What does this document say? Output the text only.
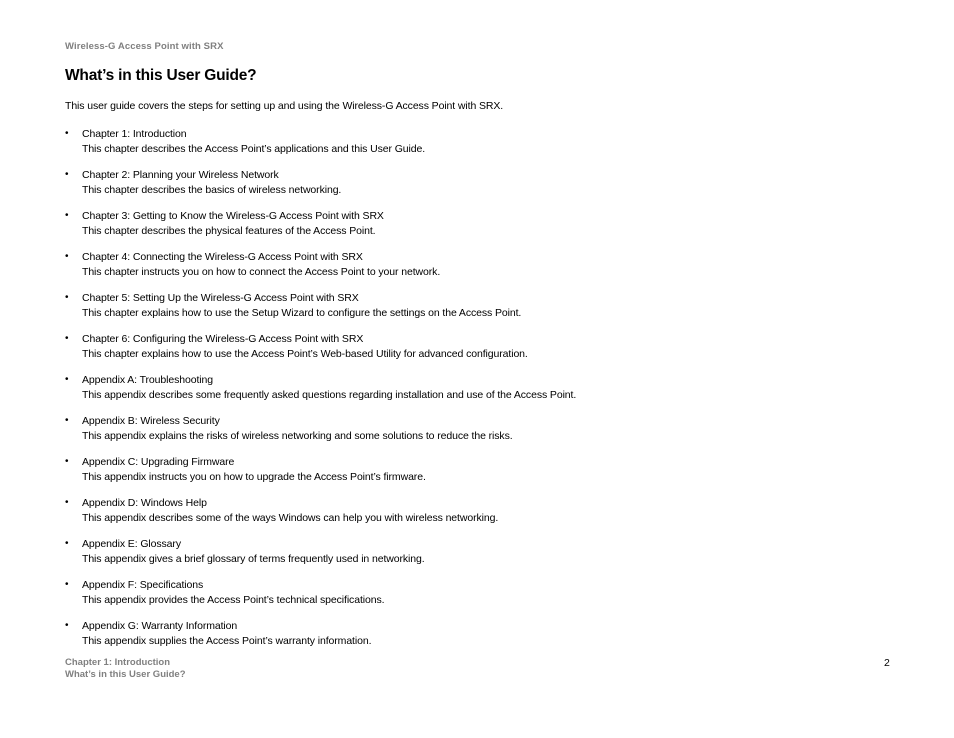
Wireless-G Access Point with SRX
What’s in this User Guide?
This user guide covers the steps for setting up and using the Wireless-G Access Point with SRX.
• Chapter 1: Introduction
This chapter describes the Access Point’s applications and this User Guide.
• Chapter 2: Planning your Wireless Network
This chapter describes the basics of wireless networking.
• Chapter 3: Getting to Know the Wireless-G Access Point with SRX
This chapter describes the physical features of the Access Point.
• Chapter 4: Connecting the Wireless-G Access Point with SRX
This chapter instructs you on how to connect the Access Point to your network.
• Chapter 5: Setting Up the Wireless-G Access Point with SRX
This chapter explains how to use the Setup Wizard to configure the settings on the Access Point.
• Chapter 6: Configuring the Wireless-G Access Point with SRX
This chapter explains how to use the Access Point’s Web-based Utility for advanced configuration.
• Appendix A: Troubleshooting
This appendix describes some frequently asked questions regarding installation and use of the Access Point.
• Appendix B: Wireless Security
This appendix explains the risks of wireless networking and some solutions to reduce the risks.
• Appendix C: Upgrading Firmware
This appendix instructs you on how to upgrade the Access Point’s firmware.
• Appendix D: Windows Help
This appendix describes some of the ways Windows can help you with wireless networking.
• Appendix E: Glossary
This appendix gives a brief glossary of terms frequently used in networking.
• Appendix F: Specifications
This appendix provides the Access Point’s technical specifications.
• Appendix G: Warranty Information
This appendix supplies the Access Point’s warranty information.
Chapter 1: Introduction
What’s in this User Guide?
2
